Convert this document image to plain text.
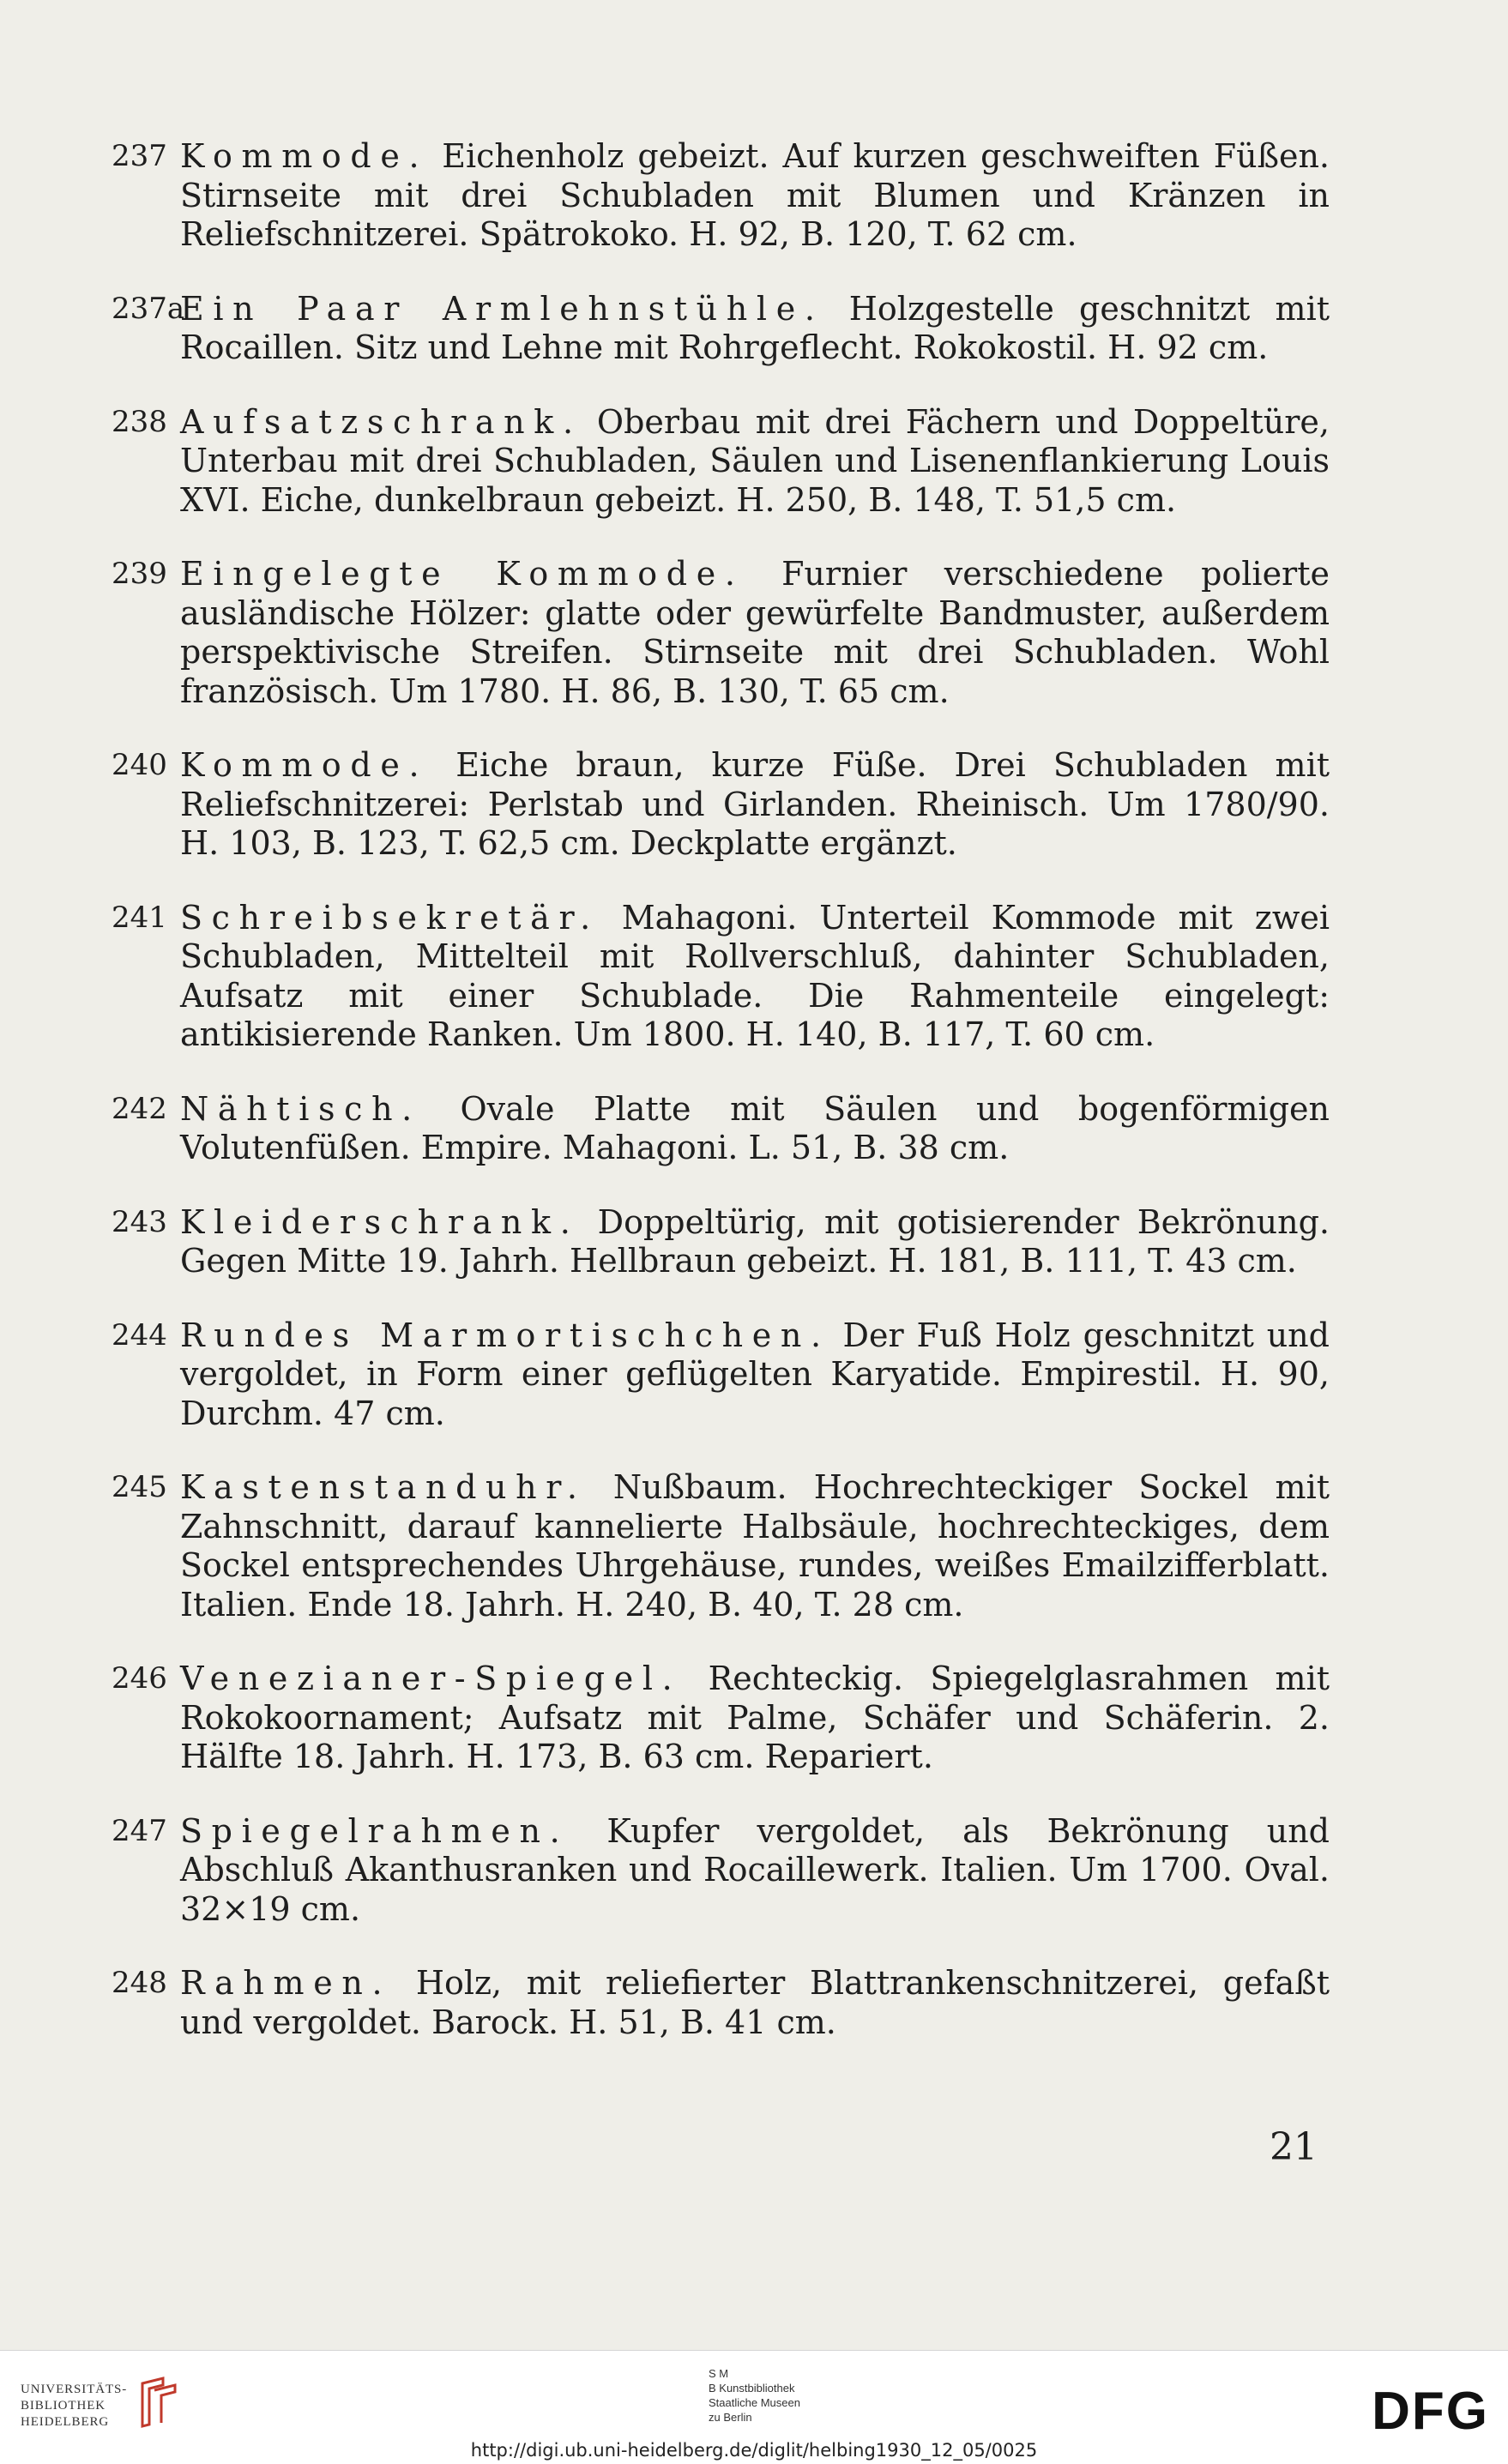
237 Kommode. Eichenholz gebeizt. Auf kurzen geschweiften Füßen. Stirnseite mit drei Schubladen mit Blumen und Kränzen in Reliefschnitzerei. Spätrokoko. H. 92, B. 120, T. 62 cm.
237a
Ein Paar Armlehnstühle. Holzgestelle geschnitzt mit Rocaillen. Sitz und Lehne mit Rohrgeflecht. Rokokostil. H. 92 cm.
238 Aufsatzschrank. Oberbau mit drei Fächern und Doppeltüre, Unterbau mit drei Schubladen, Säulen und Lisenenflankierung Louis XVI. Eiche, dunkelbraun gebeizt. H. 250, B. 148, T. 51,5 cm.
239 Eingelegte Kommode. Furnier verschiedene polierte ausländische Hölzer: glatte oder gewürfelte Bandmuster, außerdem perspektivische Streifen. Stirnseite mit drei Schubladen. Wohl französisch. Um 1780. H. 86, B. 130, T. 65 cm.
240 Kommode. Eiche braun, kurze Füße. Drei Schubladen mit Reliefschnitzerei: Perlstab und Girlanden. Rheinisch. Um 1780/90. H. 103, B. 123, T. 62,5 cm. Deckplatte ergänzt.
241 Schreibsekretär. Mahagoni. Unterteil Kommode mit zwei Schubladen, Mittelteil mit Rollverschluß, dahinter Schubladen, Aufsatz mit einer Schublade. Die Rahmenteile eingelegt: antikisierende Ranken. Um 1800. H. 140, B. 117, T. 60 cm.
242 Nähtisch. Ovale Platte mit Säulen und bogenförmigen Volutenfüßen. Empire. Mahagoni. L. 51, B. 38 cm.
243 Kleiderschrank. Doppeltürig, mit gotisierender Bekrönung. Gegen Mitte 19. Jahrh. Hellbraun gebeizt. H. 181, B. 111, T. 43 cm.
244 Rundes Marmortischchen. Der Fuß Holz geschnitzt und vergoldet, in Form einer geflügelten Karyatide. Empirestil. H. 90, Durchm. 47 cm.
245 Kastenstanduhr. Nußbaum. Hochrechteckiger Sockel mit Zahnschnitt, darauf kannelierte Halbsäule, hochrechteckiges, dem Sockel entsprechendes Uhrgehäuse, rundes, weißes Emailzifferblatt. Italien. Ende 18. Jahrh. H. 240, B. 40, T. 28 cm.
246 Venezianer-Spiegel. Rechteckig. Spiegelglasrahmen mit Rokokoornament; Aufsatz mit Palme, Schäfer und Schäferin. 2. Hälfte 18. Jahrh. H. 173, B. 63 cm. Repariert.
247 Spiegelrahmen. Kupfer vergoldet, als Bekrönung und Abschluß Akanthusranken und Rocaillewerk. Italien. Um 1700. Oval. 32×19 cm.
248 Rahmen. Holz, mit reliefierter Blattrankenschnitzerei, gefaßt und vergoldet. Barock. H. 51, B. 41 cm.
21
UNIVERSITÄTS-
BIBLIOTHEK
HEIDELBERG
S M
B Kunstbibliothek
Staatliche Museen
zu Berlin	DFG
http://digi.ub.uni-heidelberg.de/diglit/helbing1930_12_05/0025
